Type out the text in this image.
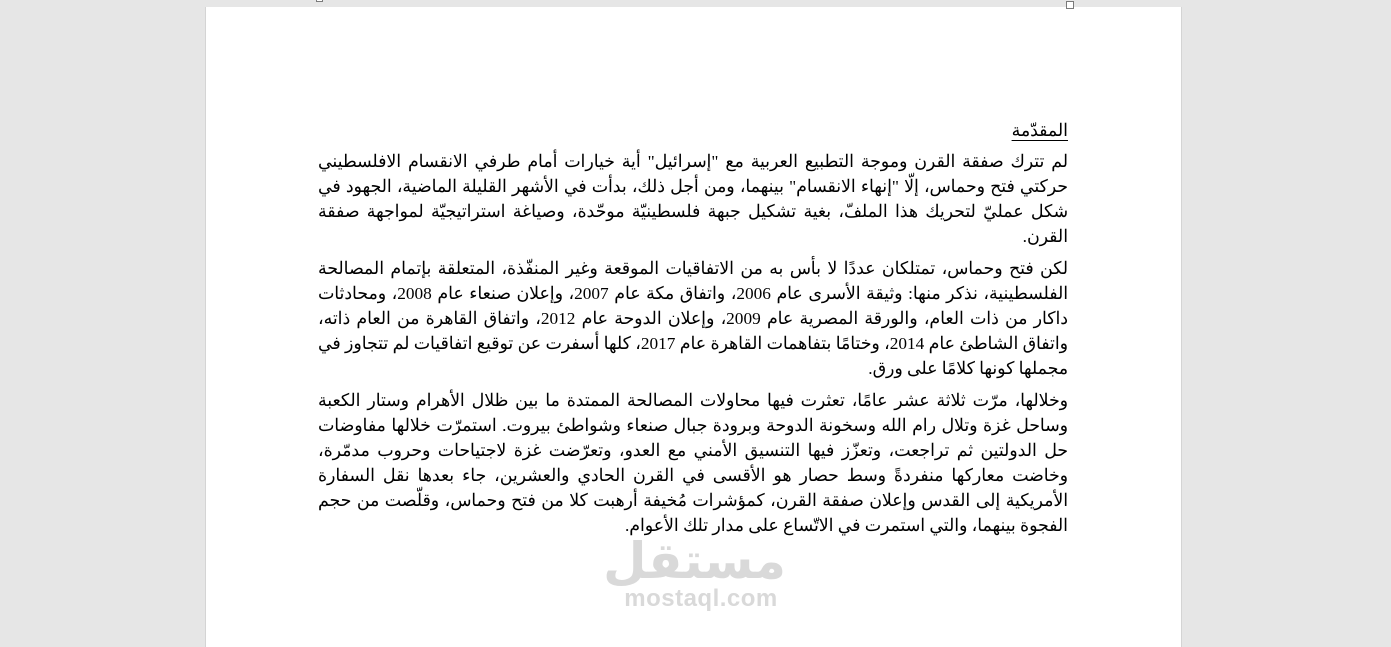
المقدّمة

لم تترك صفقة القرن وموجة التطبيع العربية مع "إسرائيل" أية خيارات أمام طرفي الانقسام الافلسطيني حركتي فتح وحماس، إلّا "إنهاء الانقسام" بينهما، ومن أجل ذلك، بدأت في الأشهر القليلة الماضية، الجهود في شكل عمليّ لتحريك هذا الملفّ، بغية تشكيل جبهة فلسطينيّة موحّدة، وصياغة استراتيجيّة لمواجهة صفقة القرن.

لكن فتح وحماس، تمتلكان عددًا لا بأس به من الاتفاقيات الموقعة وغير المنفّذة، المتعلقة بإتمام المصالحة الفلسطينية، نذكر منها: وثيقة الأسرى عام 2006، واتفاق مكة عام 2007، وإعلان صنعاء عام 2008، ومحادثات داكار من ذات العام، والورقة المصرية عام 2009، وإعلان الدوحة عام 2012، واتفاق القاهرة من العام ذاته، واتفاق الشاطئ عام 2014، وختامًا بتفاهمات القاهرة عام 2017، كلها أسفرت عن توقيع اتفاقيات لم تتجاوز في مجملها كونها كلامًا على ورق.

وخلالها، مرّت ثلاثة عشر عامًا، تعثرت فيها محاولات المصالحة الممتدة ما بين ظلال الأهرام وستار الكعبة وساحل غزة وتلال رام الله وسخونة الدوحة وبرودة جبال صنعاء وشواطئ بيروت. استمرّت خلالها مفاوضات حل الدولتين ثم تراجعت، وتعزّز فيها التنسيق الأمني مع العدو، وتعرّضت غزة لاجتياحات وحروب مدمّرة، وخاضت معاركها منفردةً وسط حصار هو الأقسى في القرن الحادي والعشرين، جاء بعدها نقل السفارة الأمريكية إلى القدس وإعلان صفقة القرن، كمؤشرات مُخيفة أرهبت كلا من فتح وحماس، وقلّصت من حجم الفجوة بينهما، والتي استمرت في الاتّساع على مدار تلك الأعوام.

مستقل
mostaql.com
